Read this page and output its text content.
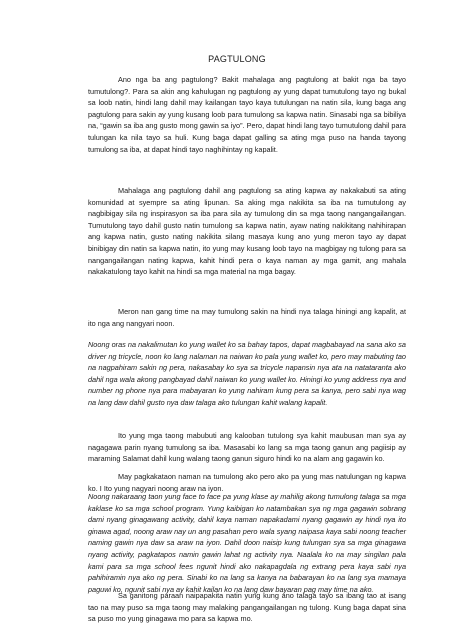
PAGTULONG

Ano nga ba ang pagtulong? Bakit mahalaga ang pagtulong at bakit nga ba tayo tumutulong?. Para sa akin ang kahulugan ng pagtulong ay yung dapat tumutulong tayo ng bukal sa loob natin, hindi lang dahil may kailangan tayo kaya tutulungan na natin sila, kung baga ang pagtulong para sakin ay yung kusang loob para tumulong sa kapwa natin. Sinasabi nga sa bibiliya na, “gawin sa iba ang gusto mong gawin sa iyo”. Pero, dapat hindi lang tayo tumutulong dahil para tulungan ka nila tayo sa huli. Kung baga dapat galling sa ating mga puso na handa tayong tumulong sa iba, at dapat hindi tayo naghihintay ng kapalit.

Mahalaga ang pagtulong dahil ang pagtulong sa ating kapwa ay nakakabuti sa ating komunidad at syempre sa ating lipunan. Sa aking mga nakikita sa iba na tumutulong ay nagbibigay sila ng inspirasyon sa iba para sila ay tumulong din sa mga taong nangangailangan. Tumutulong tayo dahil gusto natin tumulong sa kapwa natin, ayaw nating nakikitang nahihirapan ang kapwa natin, gusto nating nakikita silang masaya kung ano yung meron tayo ay dapat binibigay din natin sa kapwa natin, ito yung may kusang loob tayo na magbigay ng tulong para sa nangangailangan nating kapwa, kahit hindi pera o kaya naman ay mga gamit, ang mahala nakakatulong tayo kahit na hindi sa mga material na mga bagay.

Meron nan gang time na may tumulong sakin na hindi nya talaga hiningi ang kapalit, at ito nga ang nangyari noon.

Noong oras na nakalimutan ko yung wallet ko sa bahay tapos, dapat magbabayad na sana ako sa driver ng tricycle, noon ko lang nalaman na naiwan ko pala yung wallet ko, pero may mabuting tao na nagpahiram sakin ng pera, nakasabay ko sya sa tricycle napansin nya ata na natataranta ako dahil nga wala akong pangbayad dahil naiwan ko yung wallet ko. Hiningi ko yung address nya and number ng phone nya para mabayaran ko yung nahiram kung pera sa kanya, pero sabi nya wag na lang daw dahil gusto nya daw talaga ako tulungan kahit walang kapalit.

Ito yung mga taong mabubuti ang kalooban tutulong sya kahit maubusan man sya ay nagagawa parin nyang tumulong sa iba. Masasabi ko lang sa mga taong ganun ang pagiisip ay maraming Salamat dahil kung walang taong ganun siguro hindi ko na alam ang gagawin ko.

May pagkakataon naman na tumulong ako pero ako pa yung mas natulungan ng kapwa ko. I Ito yung nagyari noong araw na iyon.

Noong nakaraang taon yung face to face pa yung klase ay mahilig akong tumulong talaga sa mga kaklase ko sa mga school program. Yung kaibigan ko natambakan sya ng mga gagawin sobrang dami nyang ginagawang activity, dahil kaya naman napakadami nyang gagawin ay hindi nya ito ginawa agad, noong araw nay un ang pasahan pero wala syang naipasa kaya sabi noong teacher naming gawin nya daw sa araw na iyon. Dahil doon naisip kung tulungan sya sa mga ginagawa nyang activity, pagkatapos namin gawin lahat ng activity nya. Naalala ko na may singilan pala kami para sa mga school fees ngunit hindi ako nakapagdala ng extrang pera kaya sabi nya pahihiramin nya ako ng pera. Sinabi ko na lang sa kanya na babarayan ko na lang sya mamaya paguwi ko, ngunit sabi nya ay kahit kailan ko na lang daw bayaran pag may time na ako.

Sa ganitong paraan naipapakita natin yung kung ano talaga tayo sa ibang tao at isang tao na may puso sa mga taong may malaking pangangailangan ng tulong. Kung baga dapat sina sa puso mo yung ginagawa mo para sa kapwa mo.
